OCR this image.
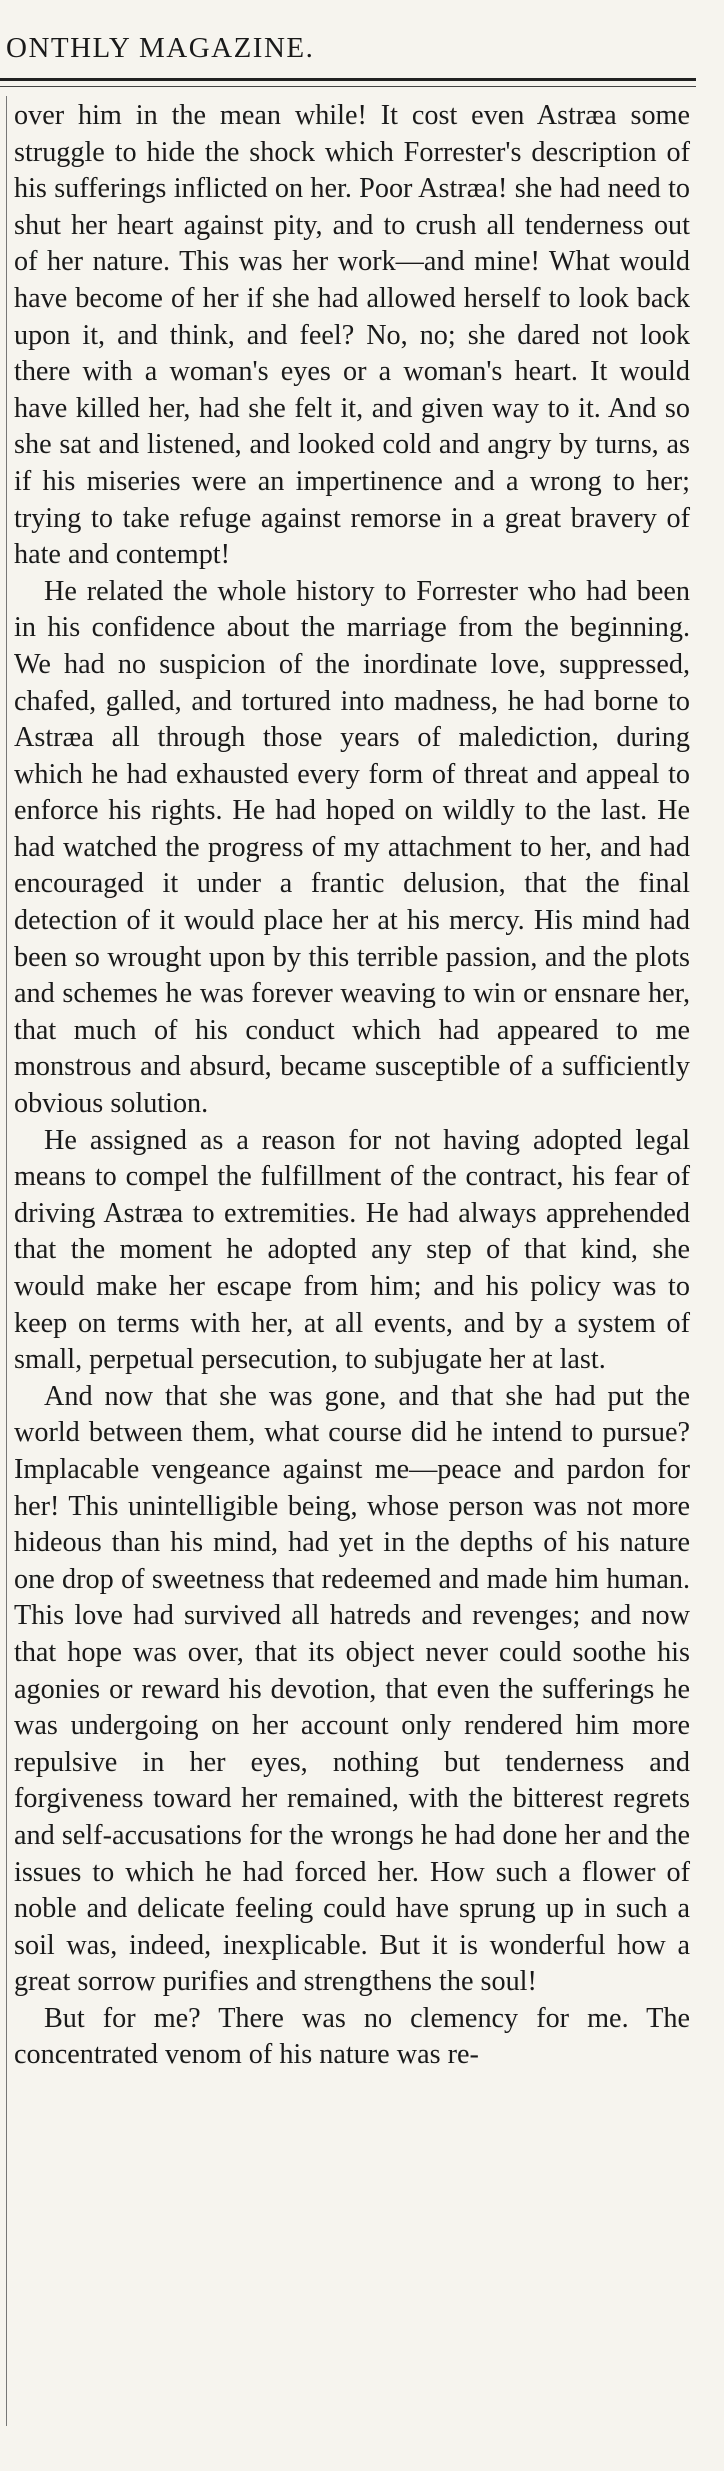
ONTHLY MAGAZINE.

over him in the mean while! It cost even Astræa some struggle to hide the shock which Forrester's description of his sufferings inflicted on her. Poor Astræa! she had need to shut her heart against pity, and to crush all tenderness out of her nature. This was her work—and mine! What would have become of her if she had allowed herself to look back upon it, and think, and feel? No, no; she dared not look there with a woman's eyes or a woman's heart. It would have killed her, had she felt it, and given way to it. And so she sat and listened, and looked cold and angry by turns, as if his miseries were an impertinence and a wrong to her; trying to take refuge against remorse in a great bravery of hate and contempt!

He related the whole history to Forrester who had been in his confidence about the marriage from the beginning. We had no suspicion of the inordinate love, suppressed, chafed, galled, and tortured into madness, he had borne to Astræa all through those years of malediction, during which he had exhausted every form of threat and appeal to enforce his rights. He had hoped on wildly to the last. He had watched the progress of my attachment to her, and had encouraged it under a frantic delusion, that the final detection of it would place her at his mercy. His mind had been so wrought upon by this terrible passion, and the plots and schemes he was forever weaving to win or ensnare her, that much of his conduct which had appeared to me monstrous and absurd, became susceptible of a sufficiently obvious solution.

He assigned as a reason for not having adopted legal means to compel the fulfillment of the contract, his fear of driving Astræa to extremities. He had always apprehended that the moment he adopted any step of that kind, she would make her escape from him; and his policy was to keep on terms with her, at all events, and by a system of small, perpetual persecution, to subjugate her at last.

And now that she was gone, and that she had put the world between them, what course did he intend to pursue? Implacable vengeance against me—peace and pardon for her! This unintelligible being, whose person was not more hideous than his mind, had yet in the depths of his nature one drop of sweetness that redeemed and made him human. This love had survived all hatreds and revenges; and now that hope was over, that its object never could soothe his agonies or reward his devotion, that even the sufferings he was undergoing on her account only rendered him more repulsive in her eyes, nothing but tenderness and forgiveness toward her remained, with the bitterest regrets and self-accusations for the wrongs he had done her and the issues to which he had forced her. How such a flower of noble and delicate feeling could have sprung up in such a soil was, indeed, inexplicable. But it is wonderful how a great sorrow purifies and strengthens the soul!

But for me? There was no clemency for me. The concentrated venom of his nature was re-
